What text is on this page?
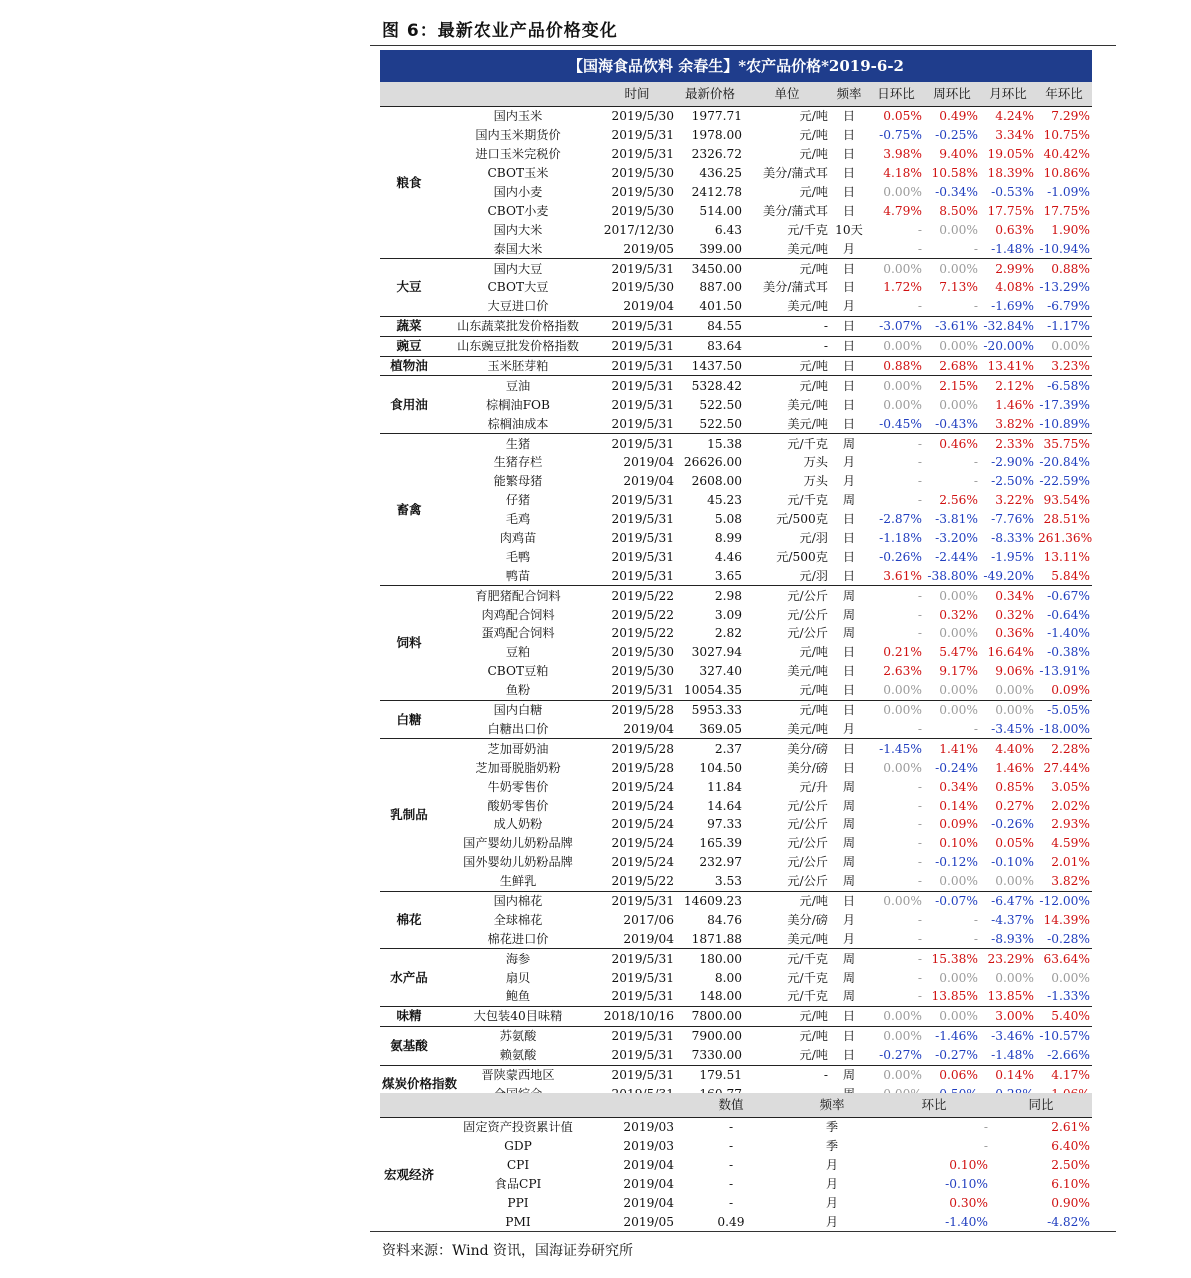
图 6：最新农业产品价格变化
【国海食品饮料 余春生】*农产品价格*2019-6-2
		时间	最新价格	单位	频率	日环比	周环比	月环比	年环比
粮食	国内玉米	2019/5/30	1977.71	元/吨	日	0.05%	0.49%	4.24%	7.29%
	国内玉米期货价	2019/5/31	1978.00	元/吨	日	-0.75%	-0.25%	3.34%	10.75%
	进口玉米完税价	2019/5/31	2326.72	元/吨	日	3.98%	9.40%	19.05%	40.42%
	CBOT玉米	2019/5/30	436.25	美分/蒲式耳	日	4.18%	10.58%	18.39%	10.86%
	国内小麦	2019/5/30	2412.78	元/吨	日	0.00%	-0.34%	-0.53%	-1.09%
	CBOT小麦	2019/5/30	514.00	美分/蒲式耳	日	4.79%	8.50%	17.75%	17.75%
	国内大米	2017/12/30	6.43	元/千克	10天	-	0.00%	0.63%	1.90%
	泰国大米	2019/05	399.00	美元/吨	月	-	-	-1.48%	-10.94%
大豆	国内大豆	2019/5/31	3450.00	元/吨	日	0.00%	0.00%	2.99%	0.88%
	CBOT大豆	2019/5/30	887.00	美分/蒲式耳	日	1.72%	7.13%	4.08%	-13.29%
	大豆进口价	2019/04	401.50	美元/吨	月	-	-	-1.69%	-6.79%
蔬菜	山东蔬菜批发价格指数	2019/5/31	84.55	-	日	-3.07%	-3.61%	-32.84%	-1.17%
豌豆	山东豌豆批发价格指数	2019/5/31	83.64	-	日	0.00%	0.00%	-20.00%	0.00%
植物油	玉米胚芽粕	2019/5/31	1437.50	元/吨	日	0.88%	2.68%	13.41%	3.23%
食用油	豆油	2019/5/31	5328.42	元/吨	日	0.00%	2.15%	2.12%	-6.58%
	棕榈油FOB	2019/5/31	522.50	美元/吨	日	0.00%	0.00%	1.46%	-17.39%
	棕榈油成本	2019/5/31	522.50	美元/吨	日	-0.45%	-0.43%	3.82%	-10.89%
畜禽	生猪	2019/5/31	15.38	元/千克	周	-	0.46%	2.33%	35.75%
	生猪存栏	2019/04	26626.00	万头	月	-	-	-2.90%	-20.84%
	能繁母猪	2019/04	2608.00	万头	月	-	-	-2.50%	-22.59%
	仔猪	2019/5/31	45.23	元/千克	周	-	2.56%	3.22%	93.54%
	毛鸡	2019/5/31	5.08	元/500克	日	-2.87%	-3.81%	-7.76%	28.51%
	肉鸡苗	2019/5/31	8.99	元/羽	日	-1.18%	-3.20%	-8.33%	261.36%
	毛鸭	2019/5/31	4.46	元/500克	日	-0.26%	-2.44%	-1.95%	13.11%
	鸭苗	2019/5/31	3.65	元/羽	日	3.61%	-38.80%	-49.20%	5.84%
饲料	育肥猪配合饲料	2019/5/22	2.98	元/公斤	周	-	0.00%	0.34%	-0.67%
	肉鸡配合饲料	2019/5/22	3.09	元/公斤	周	-	0.32%	0.32%	-0.64%
	蛋鸡配合饲料	2019/5/22	2.82	元/公斤	周	-	0.00%	0.36%	-1.40%
	豆粕	2019/5/30	3027.94	元/吨	日	0.21%	5.47%	16.64%	-0.38%
	CBOT豆粕	2019/5/30	327.40	美元/吨	日	2.63%	9.17%	9.06%	-13.91%
	鱼粉	2019/5/31	10054.35	元/吨	日	0.00%	0.00%	0.00%	0.09%
白糖	国内白糖	2019/5/28	5953.33	元/吨	日	0.00%	0.00%	0.00%	-5.05%
	白糖出口价	2019/04	369.05	美元/吨	月	-	-	-3.45%	-18.00%
乳制品	芝加哥奶油	2019/5/28	2.37	美分/磅	日	-1.45%	1.41%	4.40%	2.28%
	芝加哥脱脂奶粉	2019/5/28	104.50	美分/磅	日	0.00%	-0.24%	1.46%	27.44%
	牛奶零售价	2019/5/24	11.84	元/升	周	-	0.34%	0.85%	3.05%
	酸奶零售价	2019/5/24	14.64	元/公斤	周	-	0.14%	0.27%	2.02%
	成人奶粉	2019/5/24	97.33	元/公斤	周	-	0.09%	-0.26%	2.93%
	国产婴幼儿奶粉品牌	2019/5/24	165.39	元/公斤	周	-	0.10%	0.05%	4.59%
	国外婴幼儿奶粉品牌	2019/5/24	232.97	元/公斤	周	-	-0.12%	-0.10%	2.01%
	生鲜乳	2019/5/22	3.53	元/公斤	周	-	0.00%	0.00%	3.82%
棉花	国内棉花	2019/5/31	14609.23	元/吨	日	0.00%	-0.07%	-6.47%	-12.00%
	全球棉花	2017/06	84.76	美分/磅	月	-	-	-4.37%	14.39%
	棉花进口价	2019/04	1871.88	美元/吨	月	-	-	-8.93%	-0.28%
水产品	海参	2019/5/31	180.00	元/千克	周	-	15.38%	23.29%	63.64%
	扇贝	2019/5/31	8.00	元/千克	周	-	0.00%	0.00%	0.00%
	鲍鱼	2019/5/31	148.00	元/千克	周	-	13.85%	13.85%	-1.33%
味精	大包装40目味精	2018/10/16	7800.00	元/吨	日	0.00%	0.00%	3.00%	5.40%
氨基酸	苏氨酸	2019/5/31	7900.00	元/吨	日	0.00%	-1.46%	-3.46%	-10.57%
	赖氨酸	2019/5/31	7330.00	元/吨	日	-0.27%	-0.27%	-1.48%	-2.66%
煤炭价格指数	晋陕蒙西地区	2019/5/31	179.51	-	周	0.00%	0.06%	0.14%	4.17%

			数值	频率	环比	同比
宏观经济	固定资产投资累计值	2019/03	-	季	-	2.61%
	GDP	2019/03	-	季	-	6.40%
	CPI	2019/04	-	月	0.10%	2.50%
	食品CPI	2019/04	-	月	-0.10%	6.10%
	PPI	2019/04	-	月	0.30%	0.90%
	PMI	2019/05	0.49	月	-1.40%	-4.82%
资料来源：Wind 资讯，国海证券研究所
